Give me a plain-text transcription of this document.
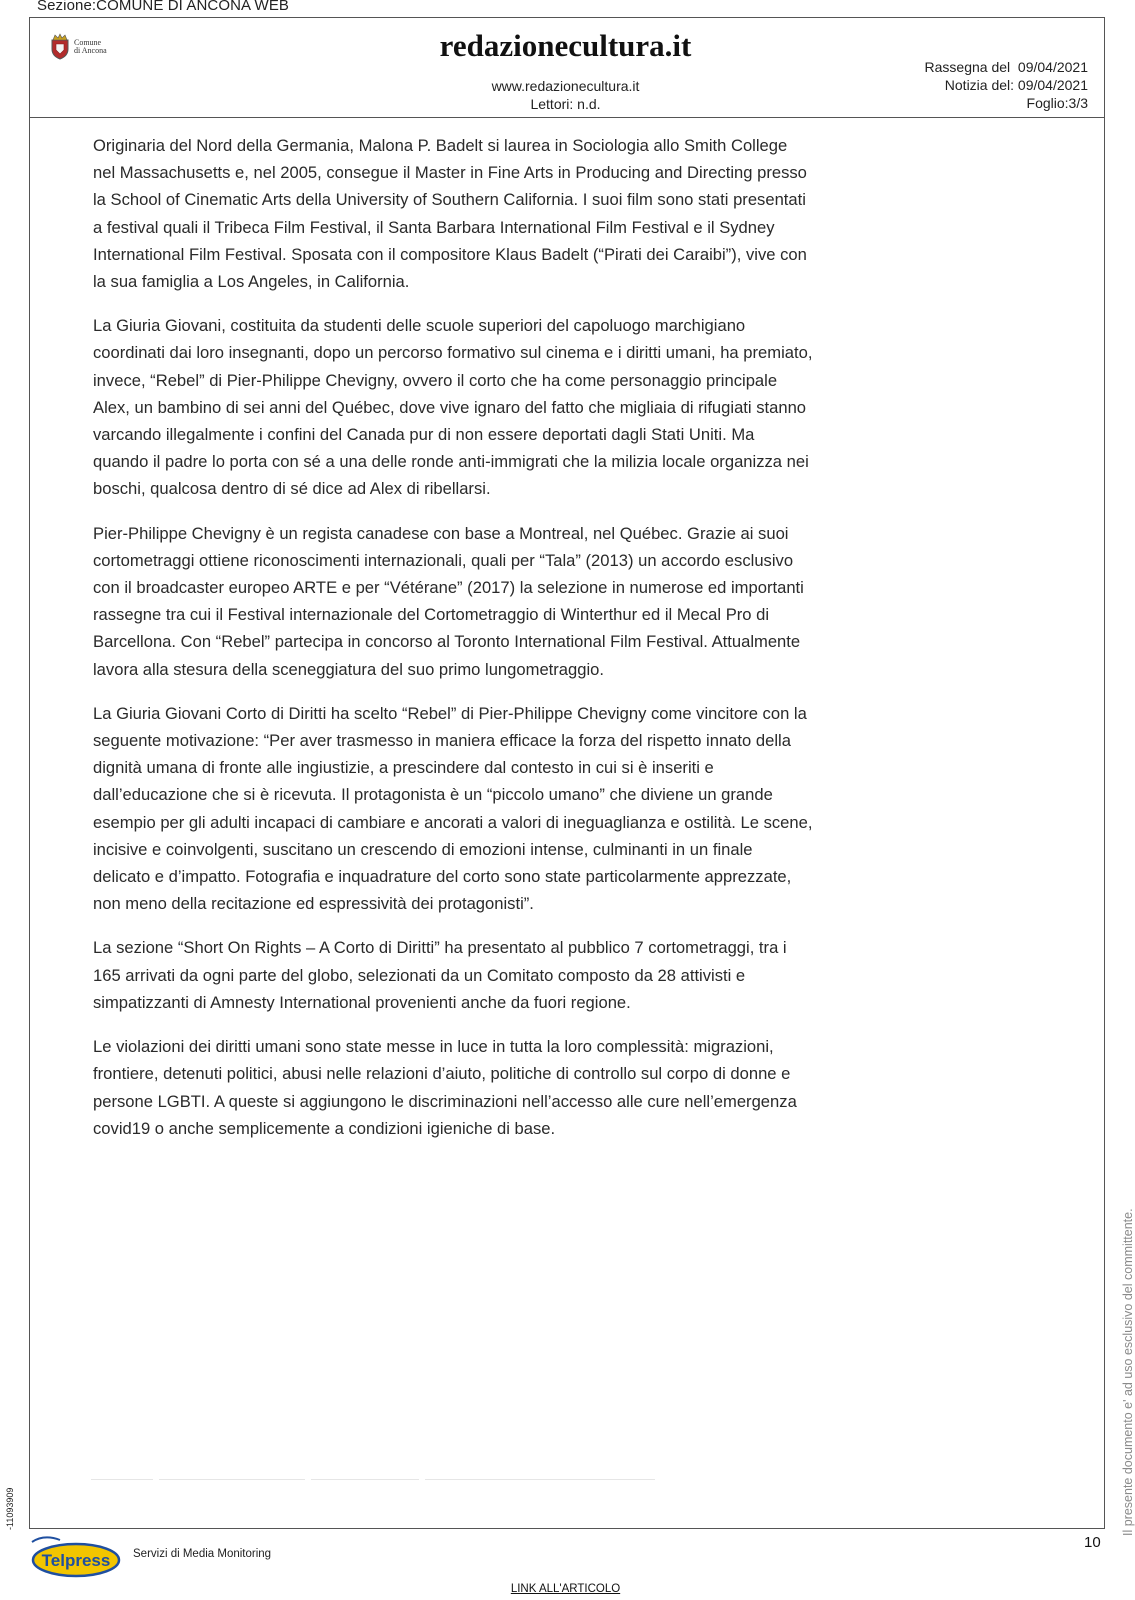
Sezione:COMUNE DI ANCONA WEB
Comune
di Ancona	redazionecultura.it
www.redazionecultura.it
Lettori: n.d.
Rassegna del  09/04/2021
Notizia del: 09/04/2021
Foglio:3/3

Originaria del Nord della Germania, Malona P. Badelt si laurea in Sociologia allo Smith College nel Massachusetts e, nel 2005, consegue il Master in Fine Arts in Producing and Directing presso la School of Cinematic Arts della University of Southern California. I suoi film sono stati presentati a festival quali il Tribeca Film Festival, il Santa Barbara International Film Festival e il Sydney International Film Festival. Sposata con il compositore Klaus Badelt (“Pirati dei Caraibi”), vive con la sua famiglia a Los Angeles, in California.

La Giuria Giovani, costituita da studenti delle scuole superiori del capoluogo marchigiano coordinati dai loro insegnanti, dopo un percorso formativo sul cinema e i diritti umani, ha premiato, invece, “Rebel” di Pier-Philippe Chevigny, ovvero il corto che ha come personaggio principale Alex, un bambino di sei anni del Québec, dove vive ignaro del fatto che migliaia di rifugiati stanno varcando illegalmente i confini del Canada pur di non essere deportati dagli Stati Uniti. Ma quando il padre lo porta con sé a una delle ronde anti-immigrati che la milizia locale organizza nei boschi, qualcosa dentro di sé dice ad Alex di ribellarsi.

Pier-Philippe Chevigny è un regista canadese con base a Montreal, nel Québec. Grazie ai suoi cortometraggi ottiene riconoscimenti internazionali, quali per “Tala” (2013) un accordo esclusivo con il broadcaster europeo ARTE e per “Vétérane” (2017) la selezione in numerose ed importanti rassegne tra cui il Festival internazionale del Cortometraggio di Winterthur ed il Mecal Pro di Barcellona. Con “Rebel” partecipa in concorso al Toronto International Film Festival. Attualmente lavora alla stesura della sceneggiatura del suo primo lungometraggio.

La Giuria Giovani Corto di Diritti ha scelto “Rebel” di Pier-Philippe Chevigny come vincitore con la seguente motivazione: “Per aver trasmesso in maniera efficace la forza del rispetto innato della dignità umana di fronte alle ingiustizie, a prescindere dal contesto in cui si è inseriti e dall’educazione che si è ricevuta. Il protagonista è un “piccolo umano” che diviene un grande esempio per gli adulti incapaci di cambiare e ancorati a valori di ineguaglianza e ostilità. Le scene, incisive e coinvolgenti, suscitano un crescendo di emozioni intense, culminanti in un finale delicato e d’impatto. Fotografia e inquadrature del corto sono state particolarmente apprezzate, non meno della recitazione ed espressività dei protagonisti”.

La sezione “Short On Rights – A Corto di Diritti” ha presentato al pubblico 7 cortometraggi, tra i 165 arrivati da ogni parte del globo, selezionati da un Comitato composto da 28 attivisti e simpatizzanti di Amnesty International provenienti anche da fuori regione.

Le violazioni dei diritti umani sono state messe in luce in tutta la loro complessità: migrazioni, frontiere, detenuti politici, abusi nelle relazioni d’aiuto, politiche di controllo sul corpo di donne e persone LGBTI. A queste si aggiungono le discriminazioni nell’accesso alle cure nell’emergenza covid19 o anche semplicemente a condizioni igieniche di base.

Il presente documento e' ad uso esclusivo del committente.
-11093909
10
Telpress Servizi di Media Monitoring
LINK ALL'ARTICOLO
